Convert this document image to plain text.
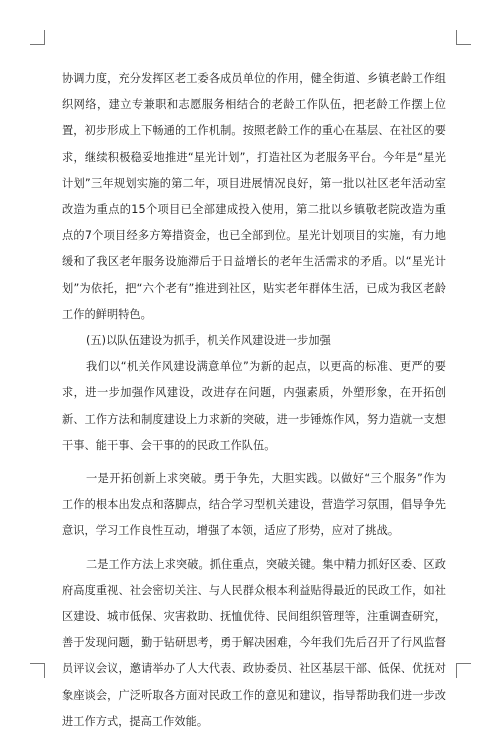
协调力度，充分发挥区老工委各成员单位的作用，健全街道、乡镇老龄工作组织网络，建立专兼职和志愿服务相结合的老龄工作队伍，把老龄工作摆上位置，初步形成上下畅通的工作机制。按照老龄工作的重心在基层、在社区的要求，继续积极稳妥地推进“星光计划”，打造社区为老服务平台。今年是“星光计划”三年规划实施的第二年，项目进展情况良好，第一批以社区老年活动室改造为重点的15个项目已全部建成投入使用，第二批以乡镇敬老院改造为重点的7个项目经多方筹措资金，也已全部到位。星光计划项目的实施，有力地缓和了我区老年服务设施滞后于日益增长的老年生活需求的矛盾。以“星光计划”为依托，把“六个老有”推进到社区，贴实老年群体生活，已成为我区老龄工作的鲜明特色。

(五)以队伍建设为抓手，机关作风建设进一步加强

我们以“机关作风建设满意单位”为新的起点，以更高的标准、更严的要求，进一步加强作风建设，改进存在问题，内强素质，外塑形象，在开拓创新、工作方法和制度建设上力求新的突破，进一步锤炼作风，努力造就一支想干事、能干事、会干事的的民政工作队伍。

一是开拓创新上求突破。勇于争先，大胆实践。以做好“三个服务”作为工作的根本出发点和落脚点，结合学习型机关建设，营造学习氛围，倡导争先意识，学习工作良性互动，增强了本领，适应了形势，应对了挑战。

二是工作方法上求突破。抓住重点，突破关键。集中精力抓好区委、区政府高度重视、社会密切关注、与人民群众根本利益贴得最近的民政工作，如社区建设、城市低保、灾害救助、抚恤优待、民间组织管理等，注重调查研究，善于发现问题，勤于钻研思考，勇于解决困难，今年我们先后召开了行风监督员评议会议，邀请举办了人大代表、政协委员、社区基层干部、低保、优抚对象座谈会，广泛听取各方面对民政工作的意见和建议，指导帮助我们进一步改进工作方式，提高工作效能。
